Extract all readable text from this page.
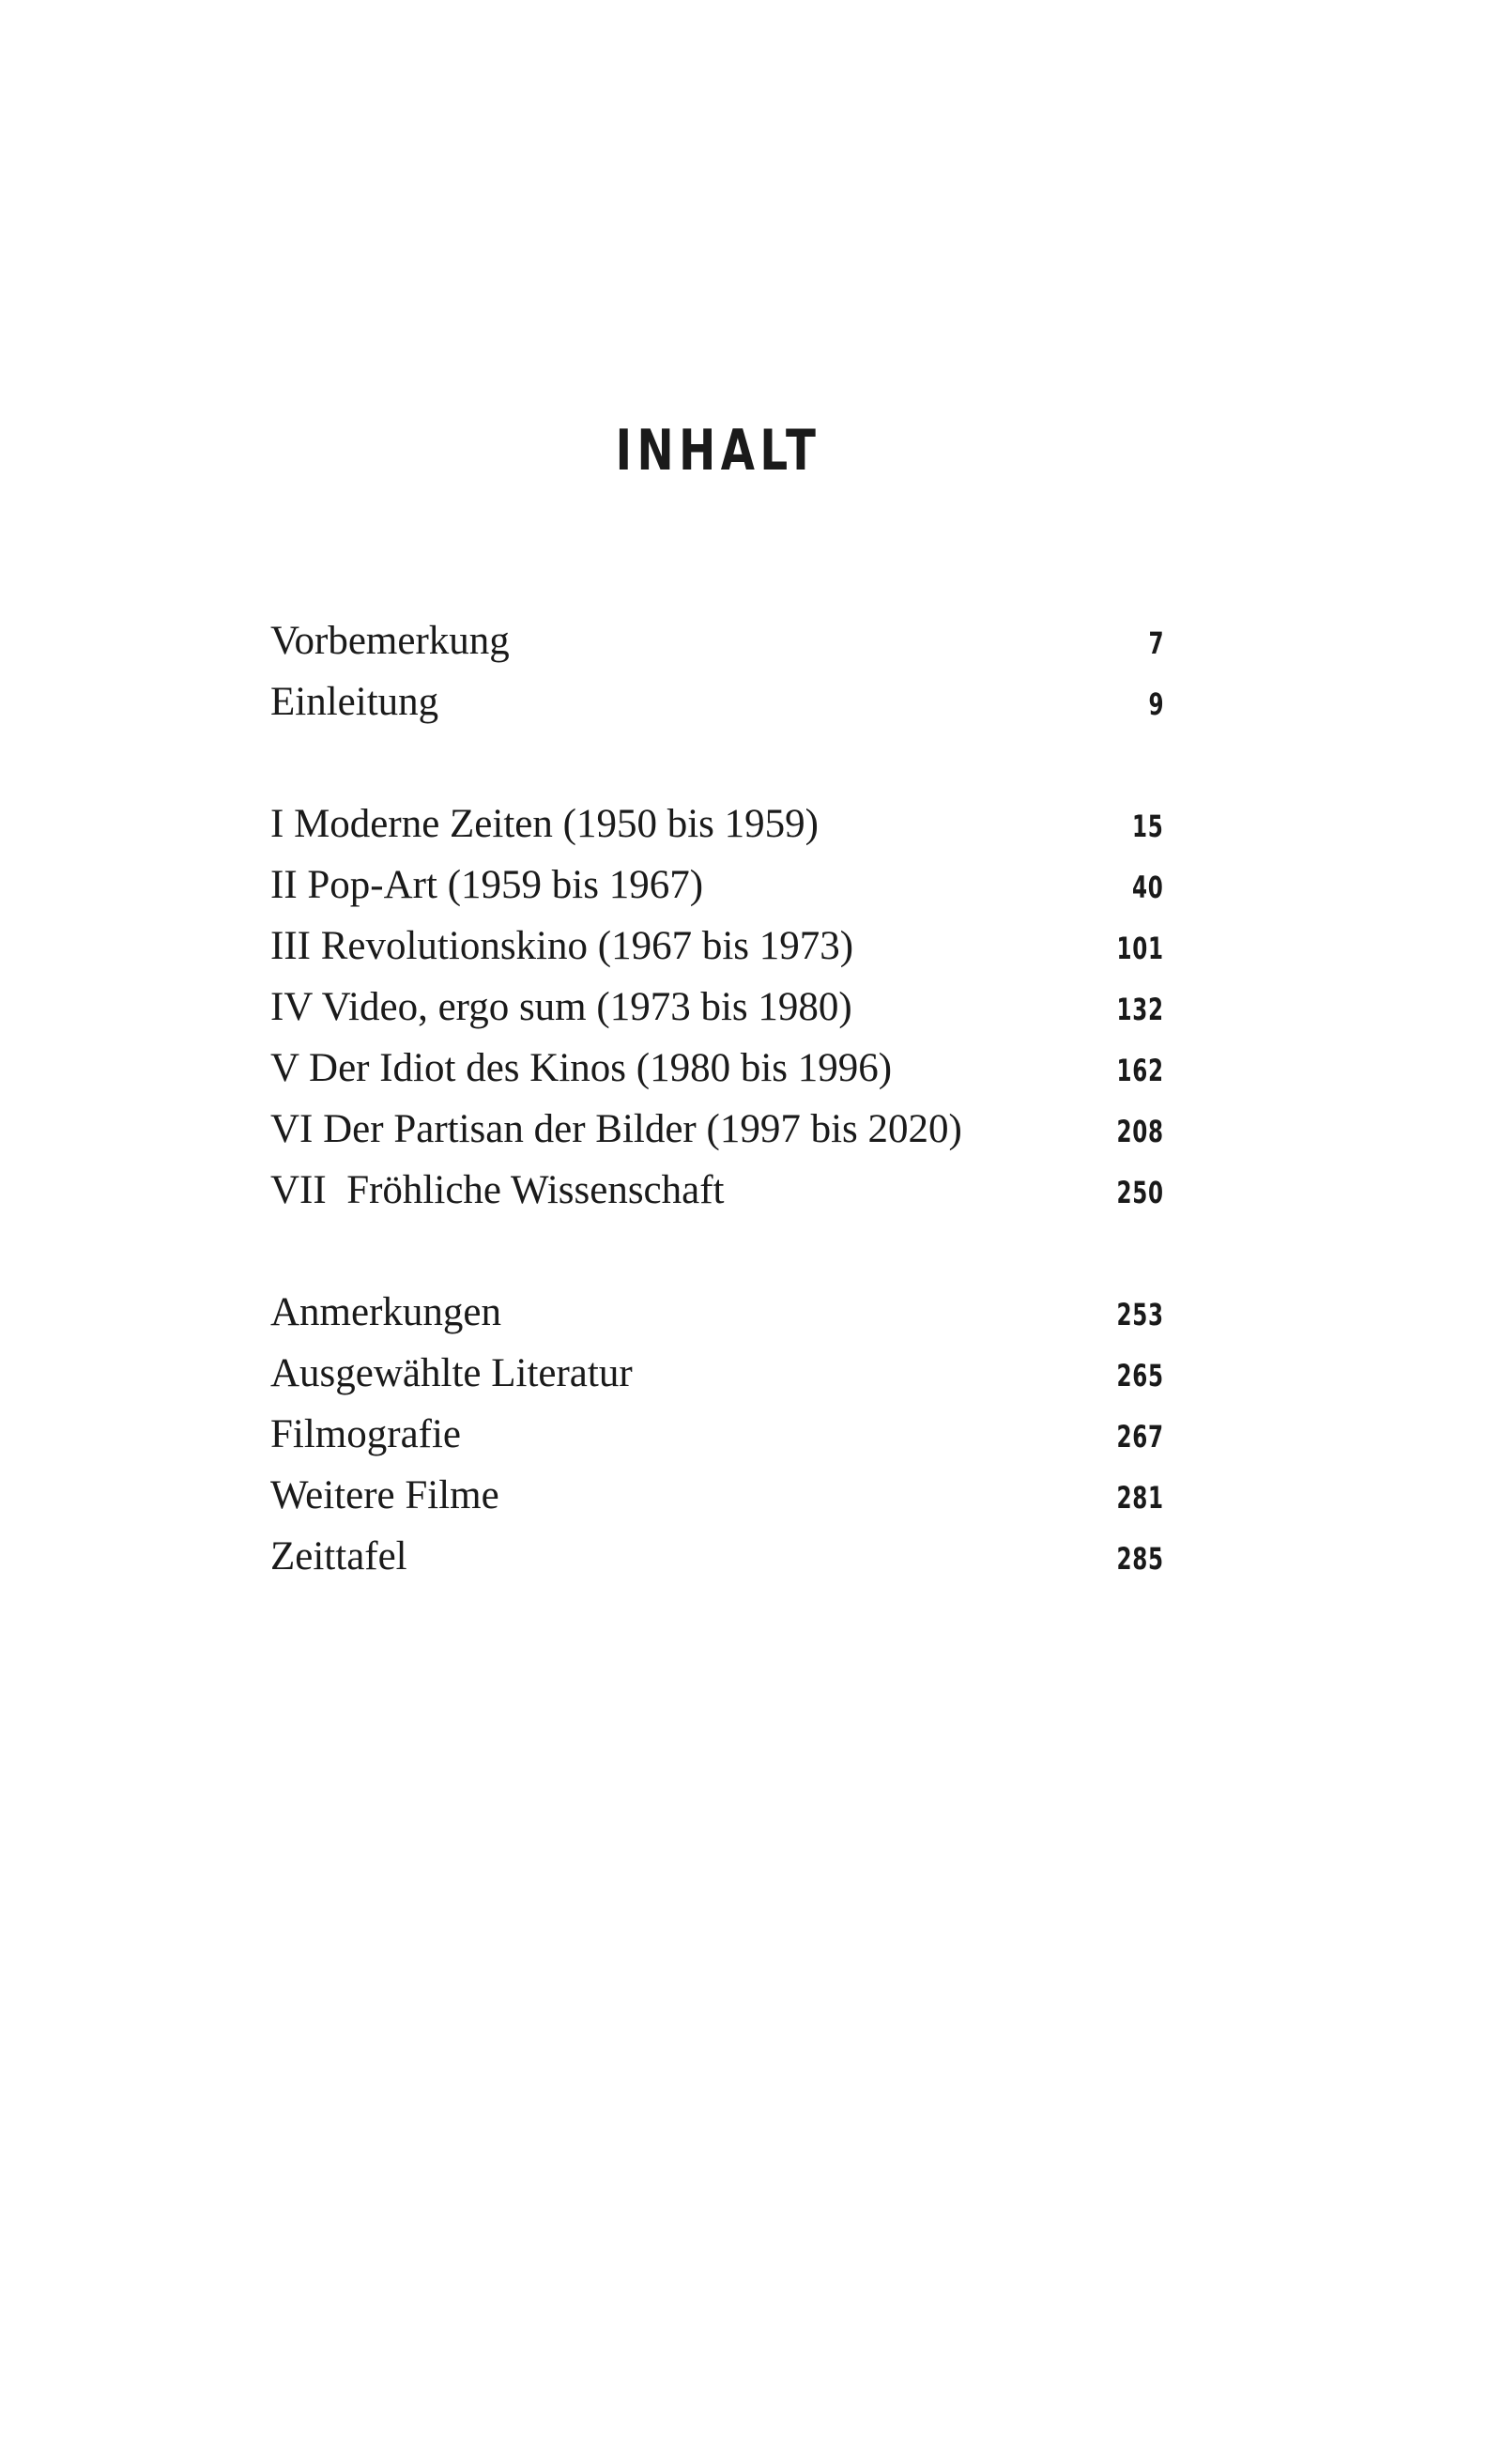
INHALT
Vorbemerkung	7
Einleitung	9
I Moderne Zeiten (1950 bis 1959)	15
II Pop-Art (1959 bis 1967)	40
III Revolutionskino (1967 bis 1973)	101
IV Video, ergo sum (1973 bis 1980)	132
V Der Idiot des Kinos (1980 bis 1996)	162
VI Der Partisan der Bilder (1997 bis 2020)	208
VII  Fröhliche Wissenschaft	250
Anmerkungen	253
Ausgewählte Literatur	265
Filmografie	267
Weitere Filme	281
Zeittafel	285
